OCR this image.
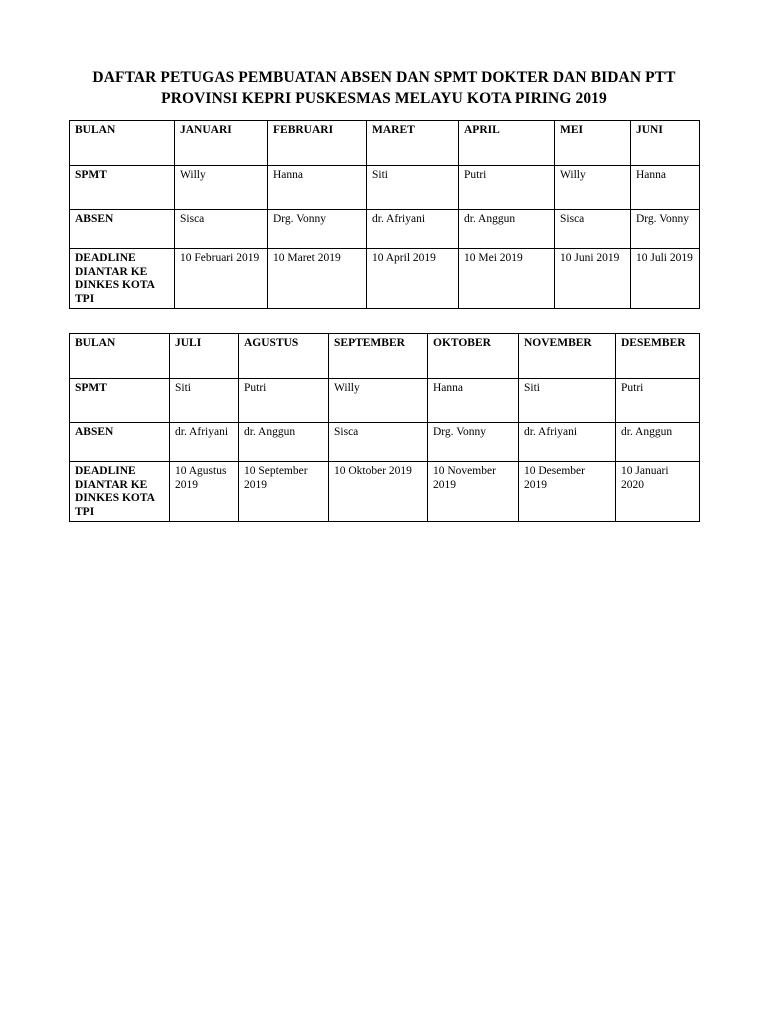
DAFTAR PETUGAS PEMBUATAN ABSEN DAN SPMT DOKTER DAN BIDAN PTT
PROVINSI KEPRI PUSKESMAS MELAYU KOTA PIRING 2019
BULAN	JANUARI	FEBRUARI	MARET	APRIL	MEI	JUNI
SPMT	Willy	Hanna	Siti	Putri	Willy	Hanna
ABSEN	Sisca	Drg. Vonny	dr. Afriyani	dr. Anggun	Sisca	Drg. Vonny
DEADLINE DIANTAR KE DINKES KOTA TPI	10 Februari 2019	10 Maret 2019	10 April 2019	10 Mei 2019	10 Juni 2019	10 Juli 2019
BULAN	JULI	AGUSTUS	SEPTEMBER	OKTOBER	NOVEMBER	DESEMBER
SPMT	Siti	Putri	Willy	Hanna	Siti	Putri
ABSEN	dr. Afriyani	dr. Anggun	Sisca	Drg. Vonny	dr. Afriyani	dr. Anggun
DEADLINE DIANTAR KE DINKES KOTA TPI	10 Agustus 2019	10 September 2019	10 Oktober 2019	10 November 2019	10 Desember 2019	10 Januari 2020
